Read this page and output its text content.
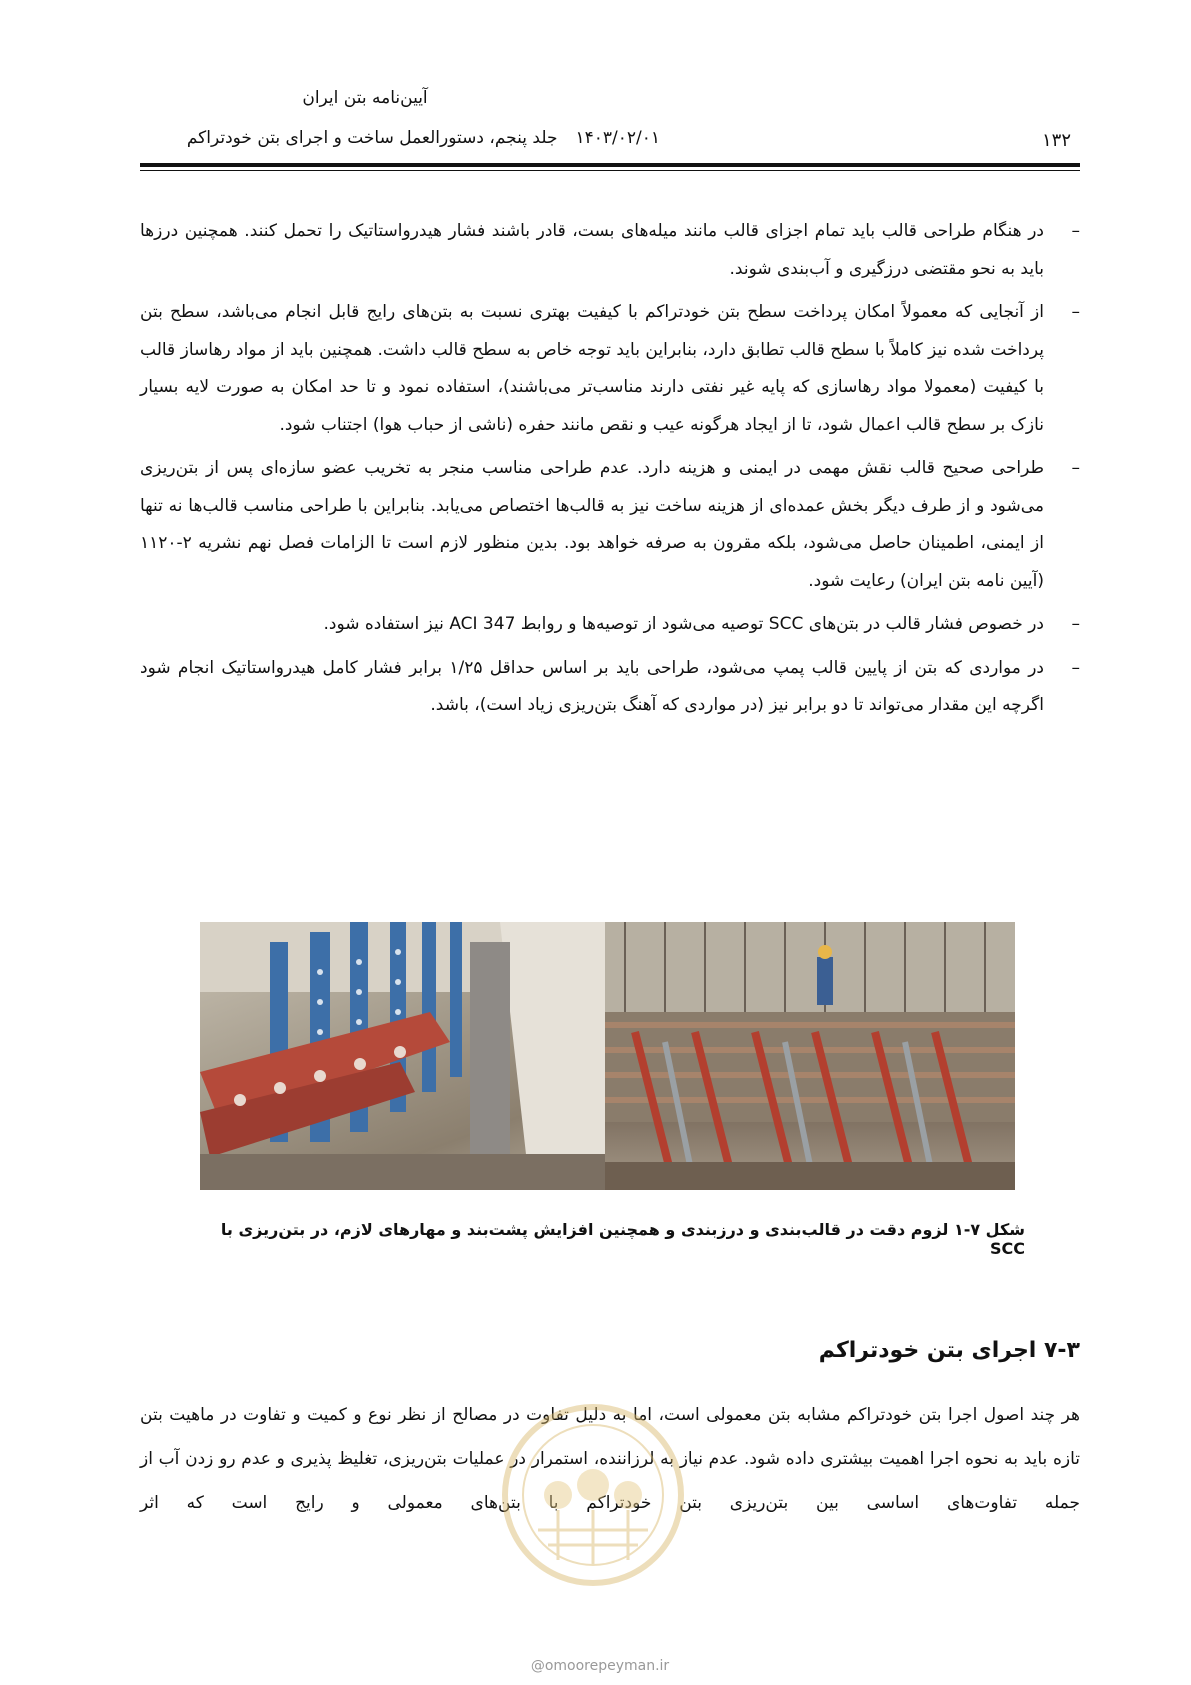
آیین‌نامه بتن ایران
۱۴۰۳/۰۲/۰۱
جلد پنجم، دستورالعمل ساخت و اجرای بتن خودتراکم	۱۳۲
–
در هنگام طراحی قالب باید تمام اجزای قالب مانند میله‌های بست، قادر باشند فشار هیدرواستاتیک را تحمل کنند. همچنین درزها باید به نحو مقتضی درزگیری و آب‌بندی شوند.
–
از آنجایی که معمولاً امکان پرداخت سطح بتن خودتراکم با کیفیت بهتری نسبت به بتن‌های رایج قابل انجام می‌باشد، سطح بتن پرداخت شده نیز کاملاً با سطح قالب تطابق دارد، بنابراین باید توجه خاص به سطح قالب داشت. همچنین باید از مواد رهاساز قالب با کیفیت (معمولا مواد رهاسازی که پایه غیر نفتی دارند مناسب‌تر می‌باشند)، استفاده نمود و تا حد امکان به صورت لایه بسیار نازک بر سطح قالب اعمال شود، تا از ایجاد هرگونه عیب و نقص مانند حفره (ناشی از حباب هوا) اجتناب شود.
–
طراحی صحیح قالب نقش مهمی در ایمنی و هزینه دارد. عدم طراحی مناسب منجر به تخریب عضو سازه‌ای پس از بتن‌ریزی می‌شود و از طرف دیگر بخش عمده‌ای از هزینه ساخت نیز به قالب‌ها اختصاص می‌یابد. بنابراین با طراحی مناسب قالب‌ها نه تنها از ایمنی، اطمینان حاصل می‌شود، بلکه مقرون به صرفه خواهد بود. بدین منظور لازم است تا الزامات فصل نهم نشریه ۲-۱۱۲۰ (آیین نامه بتن ایران) رعایت شود.
–
در خصوص فشار قالب در بتن‌های SCC توصیه می‌شود از توصیه‌ها و روابط ACI 347 نیز استفاده شود.
–
در مواردی که بتن از پایین قالب پمپ می‌شود، طراحی باید بر اساس حداقل ۱/۲۵ برابر فشار کامل هیدرواستاتیک انجام شود اگرچه این مقدار می‌تواند تا دو برابر نیز (در مواردی که آهنگ بتن‌ریزی زیاد است)، باشد.
شکل ۷-۱ لزوم دقت در قالب‌بندی و درزبندی و همچنین افزایش پشت‌بند و مهارهای لازم، در بتن‌ریزی با SCC
۷-۳ اجرای بتن خودتراکم
هر چند اصول اجرا بتن خودتراکم مشابه بتن معمولی است، اما به دلیل تفاوت در مصالح از نظر نوع و کمیت و تفاوت در ماهیت بتن تازه باید به نحوه اجرا اهمیت بیشتری داده شود. عدم نیاز به لرزاننده، استمرار در عملیات بتن‌ریزی، تغلیظ پذیری و عدم رو زدن آب از جمله تفاوت‌های اساسی بین بتن‌ریزی بتن خودتراکم با بتن‌های معمولی و رایج است که اثر
@omoorepeyman.ir
